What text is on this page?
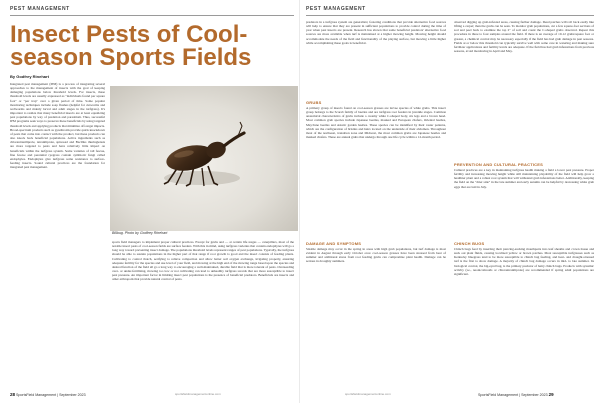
PEST MANAGEMENT
Insect Pests of Cool-season Sports Fields
By Godfrey Rinehart

Integrated pest management (IPM) is a process of integrating several approaches to the management of insects with the goal of keeping damaging populations below threshold levels. For insects, these threshold levels are usually expressed as "individuals found per square foot" or "per trap" over a given period of time. Some popular monitoring techniques include soap flushes (helpful for cutworms and webworms and mainly larval and adult stages in the turfgrass). It's important to realize that many beneficial insects are at least equalizing pest populations by way of predation and parasitism. Thus, successful IPM programs seek ways to preserve these beneficials by using targeted threshold levels and applying products that minimize off-target impacts. Broad-spectrum products such as pyrethroids provide quick knockdown of pests that come into contact with the product, but these products can also knock back beneficial populations. Active ingredients such as chlorantraniliprole, tetraniliprole, spinosad and Bacillus thuringiensis are more targeted to pests and have relatively little impact on beneficials within the turfgrass system. Some varieties of tall fescue, fine fescue and perennial ryegrass contain symbiotic fungi called endophytes. Endophytes give turfgrass some resistance to surface-feeding insects. Sound cultural practices are the foundation for integrated pest management.

Billbug. Photo by Godfrey Rinehart

sports field managers to implement proper cultural practices. Except for grubs and — at certain life stages — caterpillars, most of the notable insect pests of cool-season fields are surface feeders. With this in mind, using turfgrass varieties that contain endophytes will go a long way toward preventing insect damage. The populations threshold levels represent ranges of pest populations. Typically, the turfgrass should be able to sustain populations in the higher part of that range if root growth is good and the insect consists of feeding plants. Cultivating to control thatch, aerifying to relieve compaction and allow better soil oxygen exchange, irrigating properly, ensuring adequate fertility for the species and use level of your field, and mowing at the high end of the mowing range based upon the species and desired function of the field all go a long way to encouraging a well-maintained, durable field that is more tolerant of pests. Overseeding over- or under-fertilizing, mowing too low or not cultivating can lead to unhealthy turfgrass swards that are more susceptible to insect pest pressure. An important factor in limiting insect pest populations is the presence of beneficial predators. Beneficials are insects and other arthropods that provide natural control of pests.

28 SportsField Management | September 2023	sportsfieldmanagementonline.com
PEST MANAGEMENT

predators in a turfgrass system are generalists; fostering conditions that provide alternative food sources will help to ensure that they are present in sufficient populations to provide control during the time of year when pest insects are present. Research has shown that some beneficial predators' alternative food sources are more available when turf is maintained at a higher mowing height. Mowing height should accommodate the needs of the field and functionality of the playing surface, but mowing a little higher while accomplishing these goals is beneficial.

GRUBS

A primary group of insects found on cool-season grasses are larvae species of white grubs. This insect group belongs to the Scarab family of beetles and are turfgrass root feeders in juvenile stages. Common anatomical characteristics of grubs include a creamy white C-shaped body, six legs and a brown head. Most common grub species include Japanese beetles, masked and European chafers, Oriental beetles, May/June beetles and Asiatic garden beetles. These species can be identified by their raster patterns, which are the configuration of bristles and hairs located on the underside of their abdomen. Throughout most of the northeast, transition zone and Midwest, the most common grubs are Japanese beetles and masked chafers. These are annual grubs that undergo through one life cycle within a 12-month period.

DAMAGE AND SYMPTOMS

Sizable damage may occur in the spring in areas with high grub populations, but turf damage is most evident in August through early October once cool-season grasses have been stressed from heat of summer and additional stress from root feeding grubs can compromise plant health. Damage can be serious in droughty summers.

observed digging up grub-infested areas, causing further damage. Dead patches will roll back easily like lifting a carpet; then the grubs can be seen. To monitor grub populations, cut a few square-foot sections of sod and peel back to examine the top 2" of soil and count the C-shaped grubs observed. Repeat this procedure in three to four samples around the field. If there is an average of 10-12 grubs/square foot or greater, a chemical control may be necessary especially if the field has had grub damage in past seasons. Fields at or below this threshold can typically survive well with some care in watering and making sure fertilizer applications and fertility levels are adequate. If the field has had grub infestations from previous seasons, avoid monitoring in April and May.

PREVENTION AND CULTURAL PRACTICES

Cultural practices are a key in maintaining turfgrass health making a field a lower pest pressure. Proper fertility and increasing mowing height while still maintaining playability of the field will help grow a healthier plant and a robust root system that will withstand grub infestations better. Additionally, keeping the field on the "drier side" in the late summer and early autumn can be helpful by decreasing white grub eggs that are laid in July.

CHINCH BUGS

Chinch bugs feed by inserting their piercing-sucking mouthparts into leaf sheaths and crown tissue and suck out plant fluids, causing localized yellow or brown patches. Most susceptible turfgrasses such as Kentucky bluegrass tend to be more susceptible to chinch bug feeding, and heat- and drought-stressed turf is the first to show damage. A majority of chinch bug damage occurs in mid- to late summer. Its biological control, the big-eyed bug, is the primary predator of hairy chinch bugs. Products with systemic activity (i.e., neonicotinoids or chlorantraniliprole) are recommended if spring adult populations are significant.

sportsfieldmanagementonline.com	SportsField Management | September 2023 29
